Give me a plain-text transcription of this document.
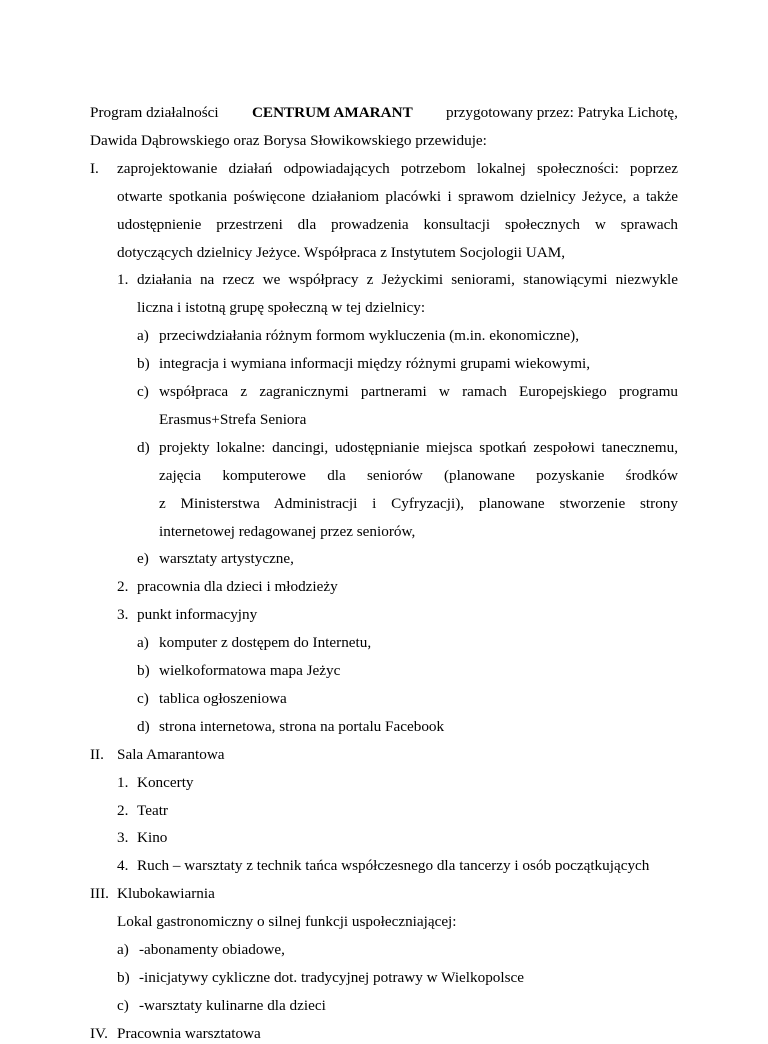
Program działalności CENTRUM AMARANT przygotowany przez: Patryka Lichotę,
Dawida Dąbrowskiego oraz Borysa Słowikowskiego przewiduje:
I. zaprojektowanie działań odpowiadających potrzebom lokalnej społeczności: poprzez
otwarte spotkania poświęcone działaniom placówki i sprawom dzielnicy Jeżyce, a także
udostępnienie przestrzeni dla prowadzenia konsultacji społecznych w sprawach
dotyczących dzielnicy Jeżyce. Współpraca z Instytutem Socjologii UAM,
1. działania na rzecz we współpracy z Jeżyckimi seniorami, stanowiącymi niezwykle
liczna i istotną grupę społeczną w tej dzielnicy:
a) przeciwdziałania różnym formom wykluczenia (m.in. ekonomiczne),
b) integracja i wymiana informacji między różnymi grupami wiekowymi,
c) współpraca z zagranicznymi partnerami w ramach Europejskiego programu
Erasmus+Strefa Seniora
d) projekty lokalne: dancingi, udostępnianie miejsca spotkań zespołowi tanecznemu,
zajęcia komputerowe dla seniorów (planowane pozyskanie środków
z Ministerstwa Administracji i Cyfryzacji), planowane stworzenie strony
internetowej redagowanej przez seniorów,
e) warsztaty artystyczne,
2. pracownia dla dzieci i młodzieży
3. punkt informacyjny
a) komputer z dostępem do Internetu,
b) wielkoformatowa mapa Jeżyc
c) tablica ogłoszeniowa
d) strona internetowa, strona na portalu Facebook
II. Sala Amarantowa
1. Koncerty
2. Teatr
3. Kino
4. Ruch – warsztaty z technik tańca współczesnego dla tancerzy i osób początkujących
III. Klubokawiarnia
Lokal gastronomiczny o silnej funkcji uspołeczniającej:
a) -abonamenty obiadowe,
b) -inicjatywy cykliczne dot. tradycyjnej potrawy w Wielkopolsce
c) -warsztaty kulinarne dla dzieci
IV. Pracownia warsztatowa
